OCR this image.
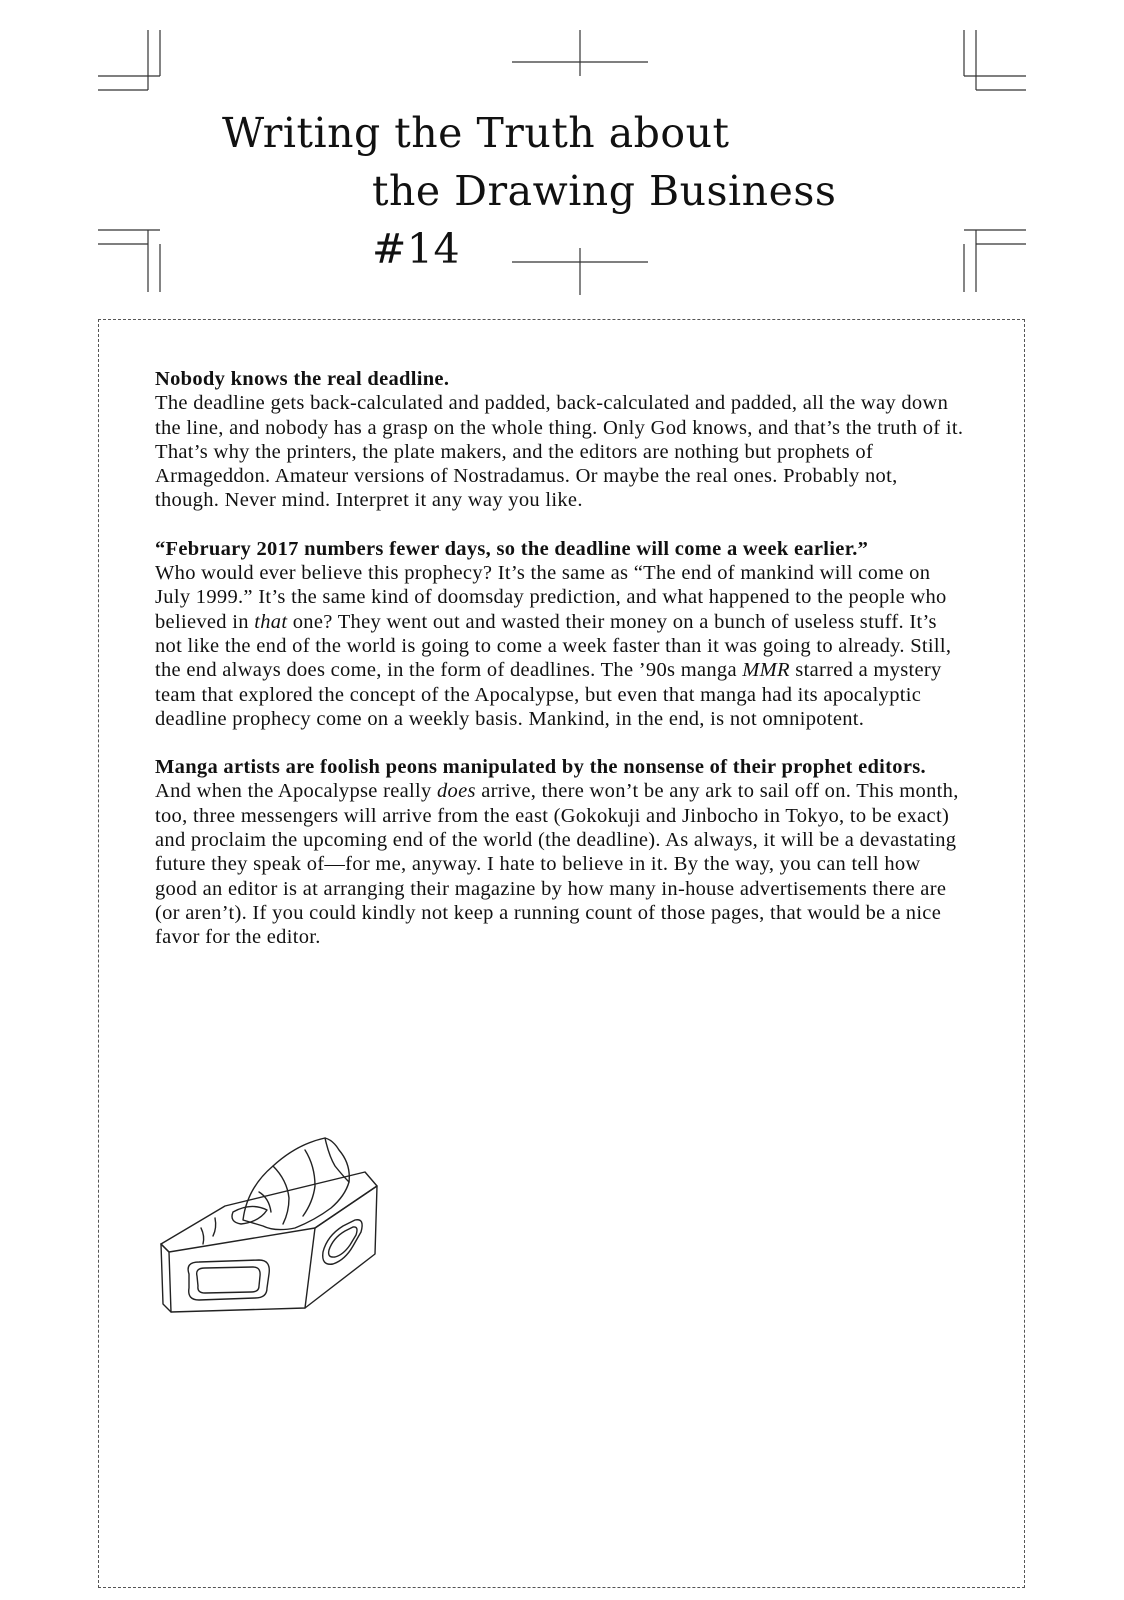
Writing the Truth about
the Drawing Business #14
Nobody knows the real deadline.

The deadline gets back-calculated and padded, back-calculated and padded, all the way down the line, and nobody has a grasp on the whole thing. Only God knows, and that’s the truth of it. That’s why the printers, the plate makers, and the editors are nothing but prophets of Armageddon. Amateur versions of Nostradamus. Or maybe the real ones. Probably not, though. Never mind. Interpret it any way you like.

“February 2017 numbers fewer days, so the deadline will come a week earlier.”

Who would ever believe this prophecy? It’s the same as “The end of mankind will come on July 1999.” It’s the same kind of doomsday prediction, and what happened to the people who believed in that one? They went out and wasted their money on a bunch of useless stuff. It’s not like the end of the world is going to come a week faster than it was going to already. Still, the end always does come, in the form of deadlines. The ’90s manga MMR starred a mystery team that explored the concept of the Apocalypse, but even that manga had its apocalyptic deadline prophecy come on a weekly basis. Mankind, in the end, is not omnipotent.

Manga artists are foolish peons manipulated by the nonsense of their prophet editors.

And when the Apocalypse really does arrive, there won’t be any ark to sail off on. This month, too, three messengers will arrive from the east (Gokokuji and Jinbocho in Tokyo, to be exact) and proclaim the upcoming end of the world (the deadline). As always, it will be a devastating future they speak of—for me, anyway. I hate to believe in it. By the way, you can tell how good an editor is at arranging their magazine by how many in-house advertisements there are (or aren’t). If you could kindly not keep a running count of those pages, that would be a nice favor for the editor.
